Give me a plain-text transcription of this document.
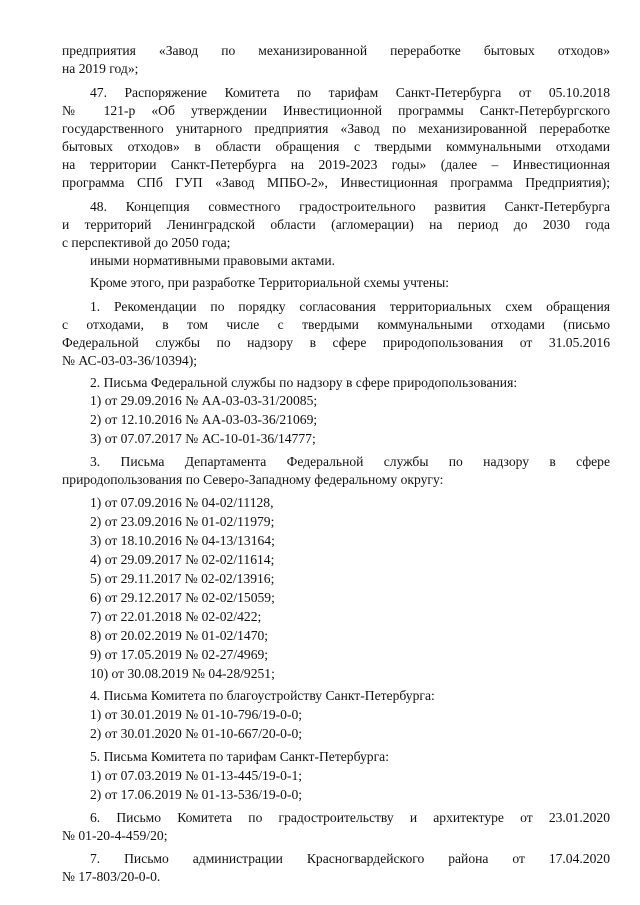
предприятия «Завод по механизированной переработке бытовых отходов»
на 2019 год»;
47. Распоряжение Комитета по тарифам Санкт-Петербурга от 05.10.2018
№ 121-р «Об утверждении Инвестиционной программы Санкт-Петербургского
государственного унитарного предприятия «Завод по механизированной переработке
бытовых отходов» в области обращения с твердыми коммунальными отходами
на территории Санкт-Петербурга на 2019-2023 годы» (далее – Инвестиционная
программа СПб ГУП «Завод МПБО-2», Инвестиционная программа Предприятия);
48. Концепция совместного градостроительного развития Санкт-Петербурга
и территорий Ленинградской области (агломерации) на период до 2030 года
с перспективой до 2050 года;
иными нормативными правовыми актами.
Кроме этого, при разработке Территориальной схемы учтены:
1. Рекомендации по порядку согласования территориальных схем обращения
с отходами, в том числе с твердыми коммунальными отходами (письмо
Федеральной службы по надзору в сфере природопользования от 31.05.2016
№ АС-03-03-36/10394);
2. Письма Федеральной службы по надзору в сфере природопользования:
1) от 29.09.2016 № АА-03-03-31/20085;
2) от 12.10.2016 № АА-03-03-36/21069;
3) от 07.07.2017 № АС-10-01-36/14777;
3. Письма Департамента Федеральной службы по надзору в сфере
природопользования по Северо-Западному федеральному округу:
1) от 07.09.2016 № 04-02/11128,
2) от 23.09.2016 № 01-02/11979;
3) от 18.10.2016 № 04-13/13164;
4) от 29.09.2017 № 02-02/11614;
5) от 29.11.2017 № 02-02/13916;
6) от 29.12.2017 № 02-02/15059;
7) от 22.01.2018 № 02-02/422;
8) от 20.02.2019 № 01-02/1470;
9) от 17.05.2019 № 02-27/4969;
10) от 30.08.2019 № 04-28/9251;
4. Письма Комитета по благоустройству Санкт-Петербурга:
1) от 30.01.2019 № 01-10-796/19-0-0;
2) от 30.01.2020 № 01-10-667/20-0-0;
5. Письма Комитета по тарифам Санкт-Петербурга:
1) от 07.03.2019 № 01-13-445/19-0-1;
2) от 17.06.2019 № 01-13-536/19-0-0;
6. Письмо Комитета по градостроительству и архитектуре от 23.01.2020
№ 01-20-4-459/20;
7. Письмо администрации Красногвардейского района от 17.04.2020
№ 17-803/20-0-0.
